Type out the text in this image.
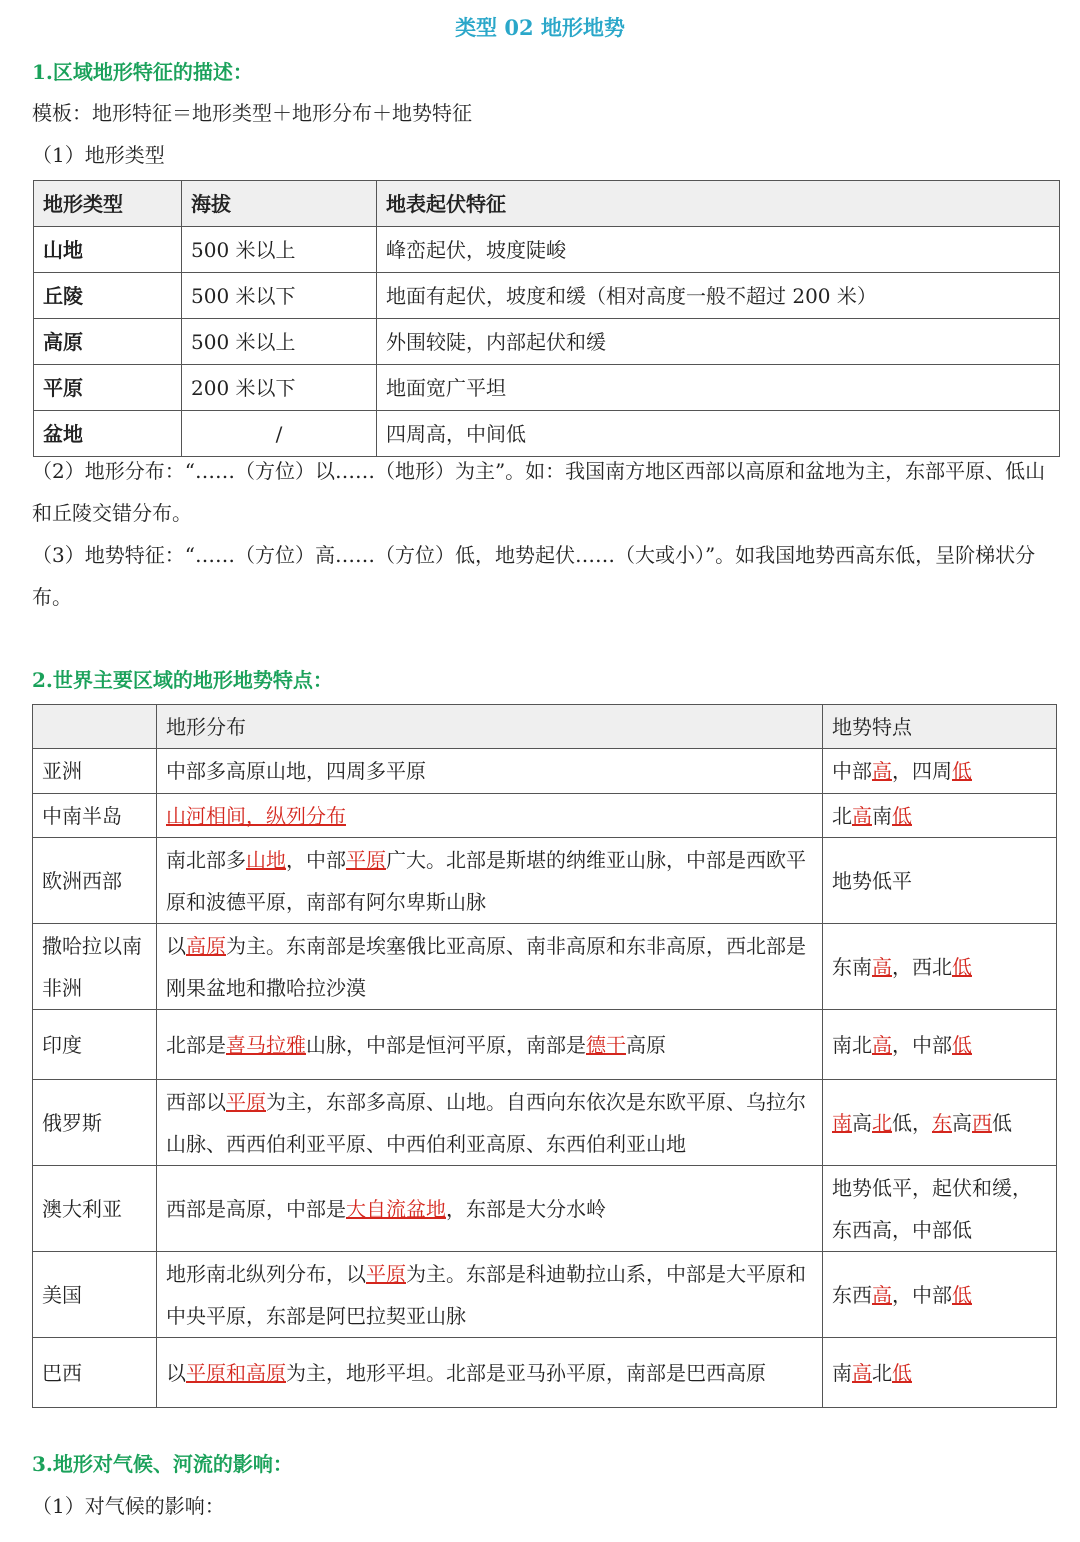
类型 02 地形地势
1.区域地形特征的描述：
模板：地形特征＝地形类型＋地形分布＋地势特征
（1）地形类型
地形类型	海拔	地表起伏特征
山地	500 米以上	峰峦起伏，坡度陡峻
丘陵	500 米以下	地面有起伏，坡度和缓（相对高度一般不超过 200 米）
高原	500 米以上	外围较陡，内部起伏和缓
平原	200 米以下	地面宽广平坦
盆地	/	四周高，中间低
（2）地形分布：“……（方位）以……（地形）为主”。如：我国南方地区西部以高原和盆地为主，东部平原、低山和丘陵交错分布。
（3）地势特征：“……（方位）高……（方位）低，地势起伏……（大或小）”。如我国地势西高东低，呈阶梯状分布。
2.世界主要区域的地形地势特点：
	地形分布	地势特点
亚洲	中部多高原山地，四周多平原	中部高，四周低
中南半岛	山河相间，纵列分布	北高南低
欧洲西部	南北部多山地，中部平原广大。北部是斯堪的纳维亚山脉，中部是西欧平原和波德平原，南部有阿尔卑斯山脉	地势低平
撒哈拉以南非洲	以高原为主。东南部是埃塞俄比亚高原、南非高原和东非高原，西北部是刚果盆地和撒哈拉沙漠	东南高，西北低
印度	北部是喜马拉雅山脉，中部是恒河平原，南部是德干高原	南北高，中部低
俄罗斯	西部以平原为主，东部多高原、山地。自西向东依次是东欧平原、乌拉尔山脉、西西伯利亚平原、中西伯利亚高原、东西伯利亚山地	南高北低，东高西低
澳大利亚	西部是高原，中部是大自流盆地，东部是大分水岭	地势低平，起伏和缓，东西高，中部低
美国	地形南北纵列分布，以平原为主。东部是科迪勒拉山系，中部是大平原和中央平原，东部是阿巴拉契亚山脉	东西高，中部低
巴西	以平原和高原为主，地形平坦。北部是亚马孙平原，南部是巴西高原	南高北低
3.地形对气候、河流的影响：
（1）对气候的影响：
